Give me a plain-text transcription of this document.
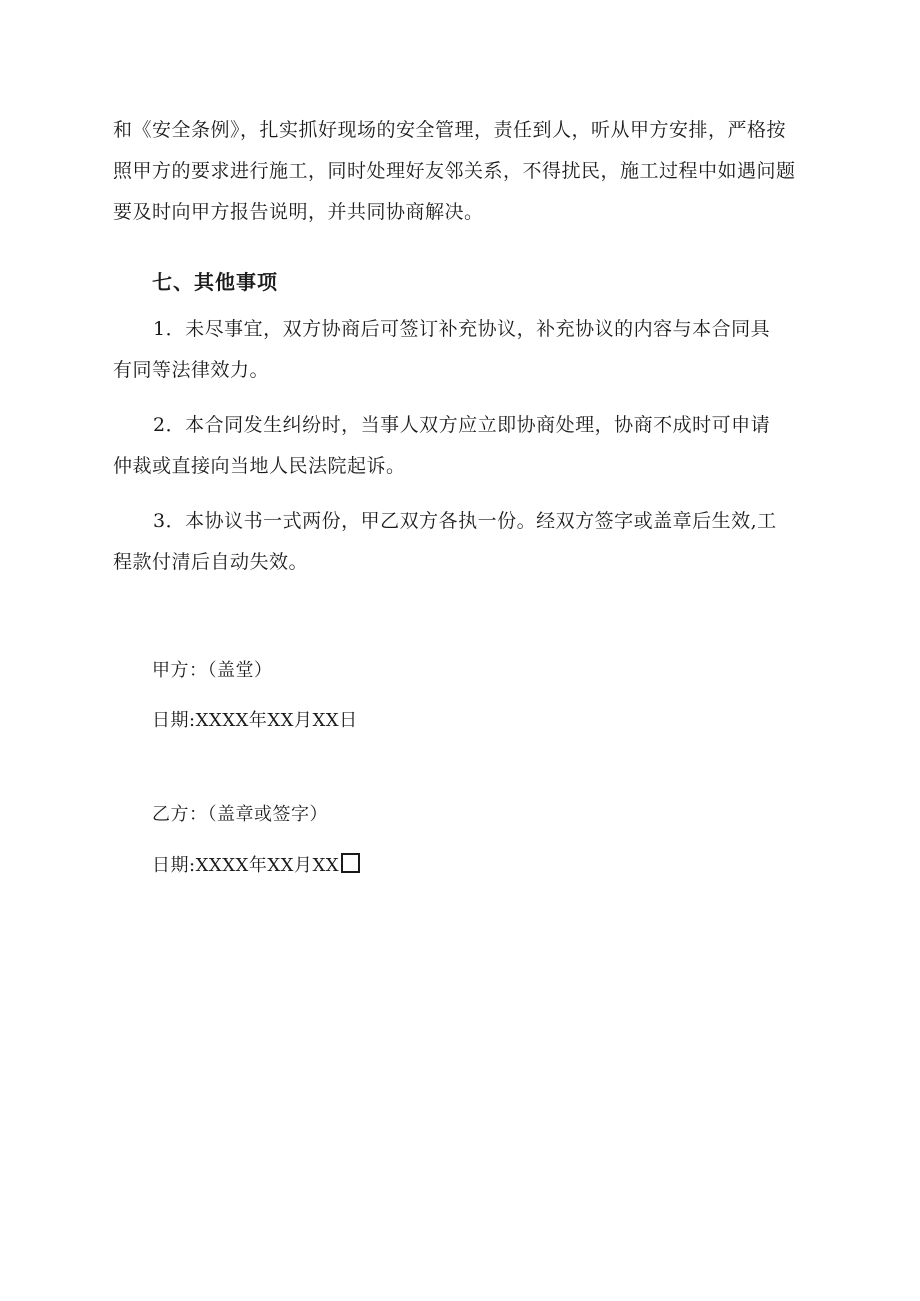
和《安全条例》，扎实抓好现场的安全管理，责任到人，听从甲方安排，严格按
照甲方的要求进行施工，同时处理好友邻关系，不得扰民，施工过程中如遇问题
要及时向甲方报告说明，并共同协商解决。
七、其他事项
1．未尽事宜，双方协商后可签订补充协议，补充协议的内容与本合同具
有同等法律效力。
2．本合同发生纠纷时，当事人双方应立即协商处理，协商不成时可申请
仲裁或直接向当地人民法院起诉。
3．本协议书一式两份，甲乙双方各执一份。经双方签字或盖章后生效,工
程款付清后自动失效。
甲方：（盖堂）
日期:XXXX年XX月XX日
乙方：（盖章或签字）
日期:XXXX年XX月XX
